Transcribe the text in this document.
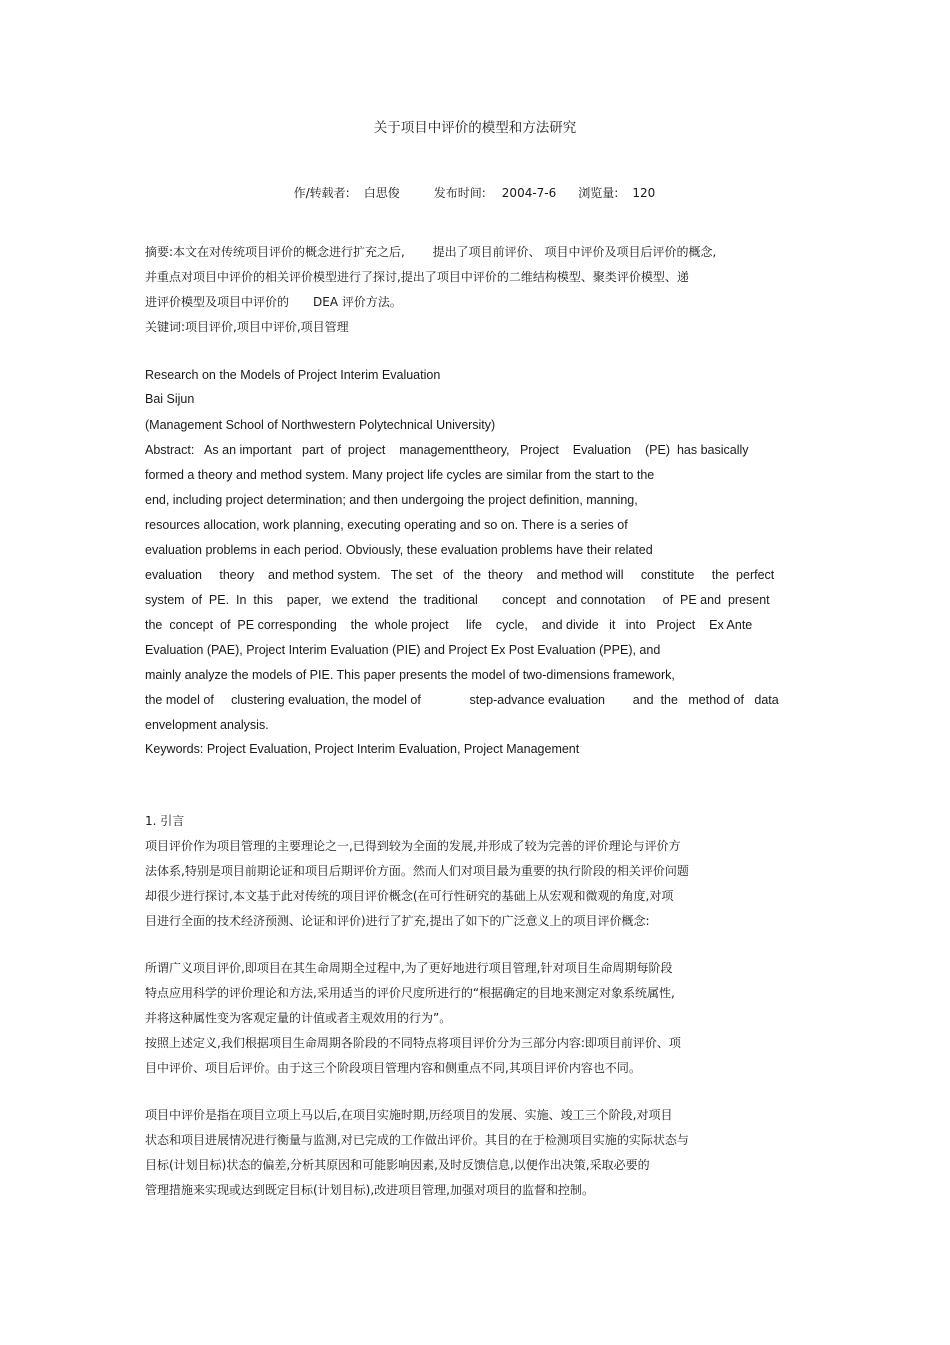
关于项目中评价的模型和方法研究

作/转载者: 白思俊	发布时间: 2004-7-6 浏览量: 120

摘要:本文在对传统项目评价的概念进行扩充之后,　　 提出了项目前评价、 项目中评价及项目后评价的概念,

并重点对项目中评价的相关评价模型进行了探讨,提出了项目中评价的二维结构模型、聚类评价模型、递

进评价模型及项目中评价的　　DEA 评价方法。

关键词:项目评价,项目中评价,项目管理

Research on the Models of Project Interim Evaluation

Bai Sijun

(Management School of Northwestern Polytechnical University)

Abstract:   As an important   part  of  project    managementtheory,   Project    Evaluation    (PE)  has basically

formed a theory and method system. Many project life cycles are similar from the start to the

end, including project determination; and then undergoing the project definition, manning,

resources allocation, work planning, executing operating and so on. There is a series of

evaluation problems in each period. Obviously, these evaluation problems have their related

evaluation     theory    and method system.   The set   of   the  theory    and method will     constitute     the  perfect

system  of  PE.  In  this    paper,   we extend   the  traditional       concept   and connotation     of  PE and  present

the  concept  of  PE corresponding    the  whole project     life    cycle,    and divide   it   into   Project    Ex Ante

Evaluation (PAE), Project Interim Evaluation (PIE) and Project Ex Post Evaluation (PPE), and

mainly analyze the models of PIE. This paper presents the model of two-dimensions framework,

the model of     clustering evaluation, the model of              step-advance evaluation        and  the   method of   data

envelopment analysis.

Keywords: Project Evaluation, Project Interim Evaluation, Project Management

1. 引言

项目评价作为项目管理的主要理论之一,已得到较为全面的发展,并形成了较为完善的评价理论与评价方

法体系,特别是项目前期论证和项目后期评价方面。然而人们对项目最为重要的执行阶段的相关评价问题

却很少进行探讨,本文基于此对传统的项目评价概念(在可行性研究的基础上从宏观和微观的角度,对项

目进行全面的技术经济预测、论证和评价)进行了扩充,提出了如下的广泛意义上的项目评价概念:

所谓广义项目评价,即项目在其生命周期全过程中,为了更好地进行项目管理,针对项目生命周期每阶段

特点应用科学的评价理论和方法,采用适当的评价尺度所进行的“根据确定的目地来测定对象系统属性,

并将这种属性变为客观定量的计值或者主观效用的行为”。

按照上述定义,我们根据项目生命周期各阶段的不同特点将项目评价分为三部分内容:即项目前评价、项

目中评价、项目后评价。由于这三个阶段项目管理内容和侧重点不同,其项目评价内容也不同。

项目中评价是指在项目立项上马以后,在项目实施时期,历经项目的发展、实施、竣工三个阶段,对项目

状态和项目进展情况进行衡量与监测,对已完成的工作做出评价。其目的在于检测项目实施的实际状态与

目标(计划目标)状态的偏差,分析其原因和可能影响因素,及时反馈信息,以便作出决策,采取必要的

管理措施来实现或达到既定目标(计划目标),改进项目管理,加强对项目的监督和控制。
